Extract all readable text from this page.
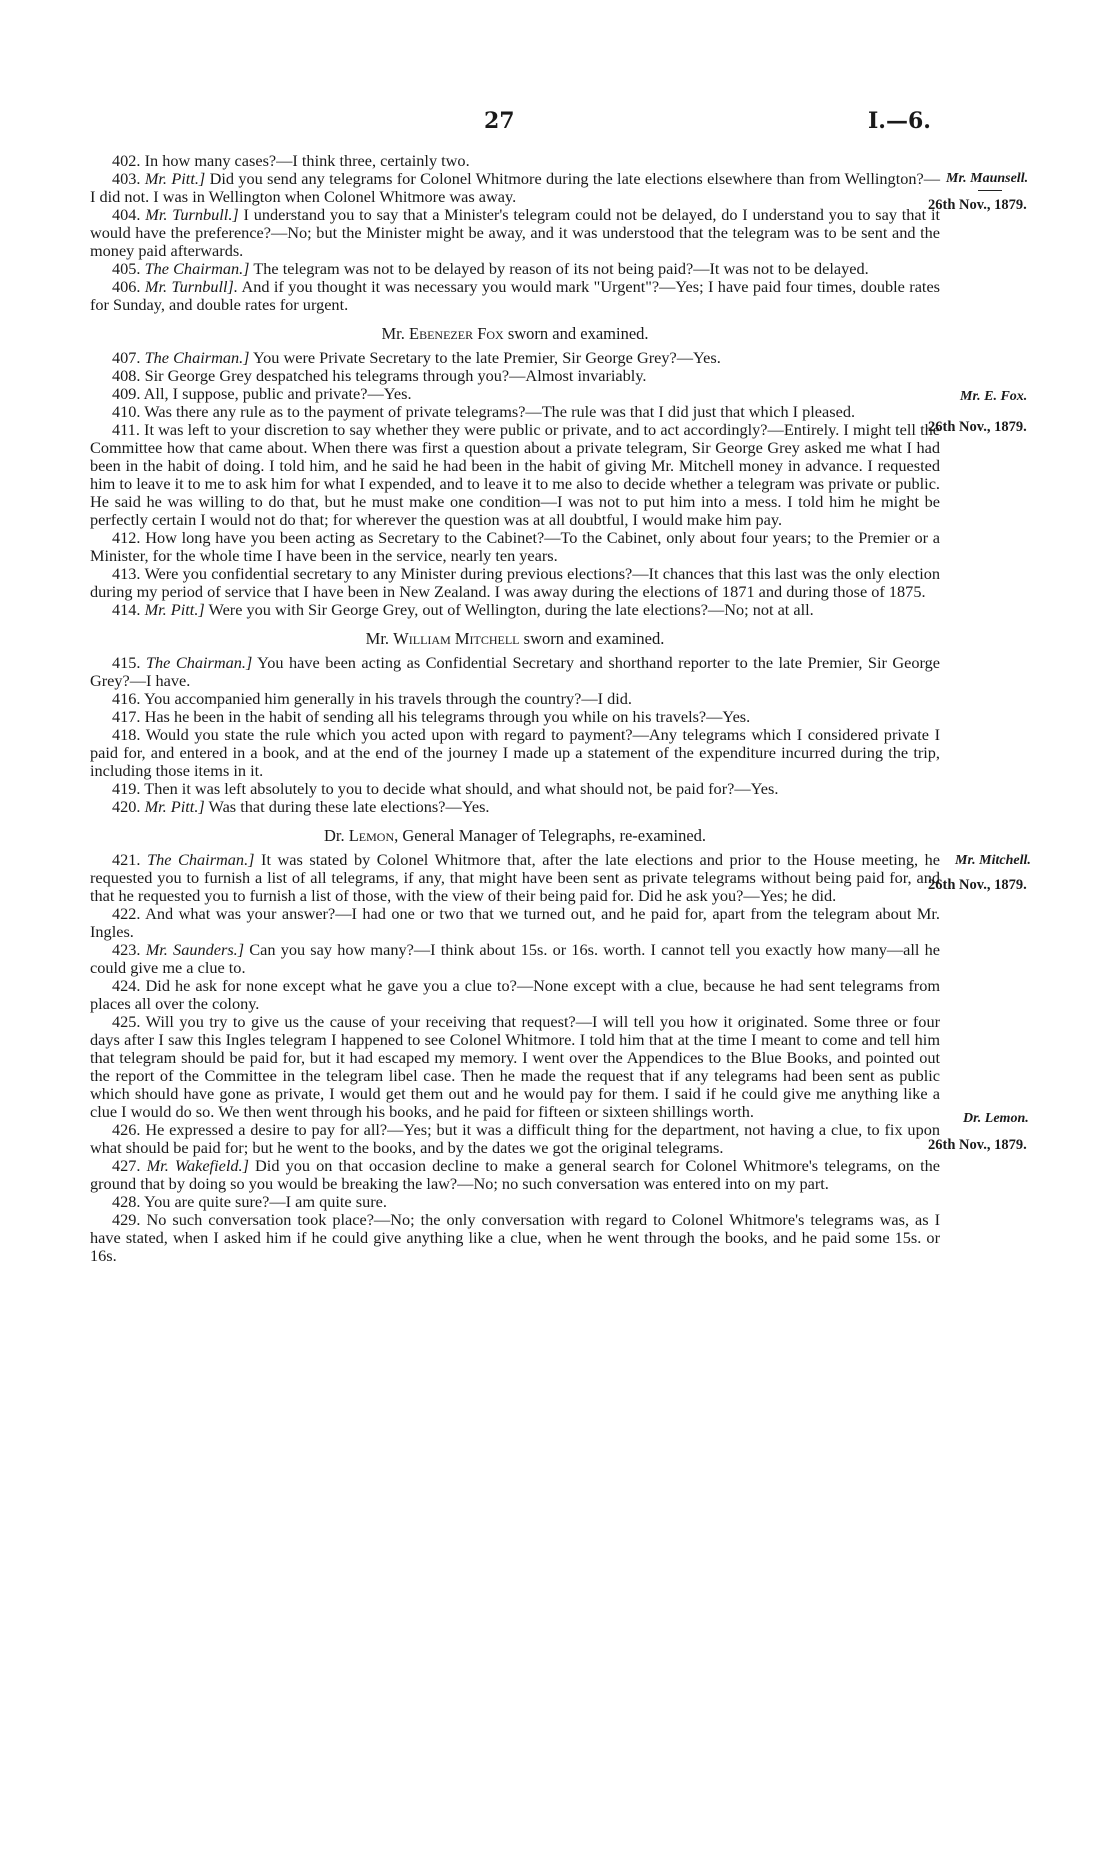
27	I.—6.

402. In how many cases?—I think three, certainly two.

403. Mr. Pitt.] Did you send any telegrams for Colonel Whitmore during the late elections elsewhere than from Wellington?—I did not. I was in Wellington when Colonel Whitmore was away.

404. Mr. Turnbull.] I understand you to say that a Minister's telegram could not be delayed, do I understand you to say that it would have the preference?—No; but the Minister might be away, and it was understood that the telegram was to be sent and the money paid afterwards.

405. The Chairman.] The telegram was not to be delayed by reason of its not being paid?—It was not to be delayed.

406. Mr. Turnbull]. And if you thought it was necessary you would mark "Urgent"?—Yes; I have paid four times, double rates for Sunday, and double rates for urgent.

Mr. Ebenezer Fox sworn and examined.

407. The Chairman.] You were Private Secretary to the late Premier, Sir George Grey?—Yes.

408. Sir George Grey despatched his telegrams through you?—Almost invariably.

409. All, I suppose, public and private?—Yes.

410. Was there any rule as to the payment of private telegrams?—The rule was that I did just that which I pleased.

411. It was left to your discretion to say whether they were public or private, and to act accordingly?—Entirely. I might tell the Committee how that came about. When there was first a question about a private telegram, Sir George Grey asked me what I had been in the habit of doing. I told him, and he said he had been in the habit of giving Mr. Mitchell money in advance. I requested him to leave it to me to ask him for what I expended, and to leave it to me also to decide whether a telegram was private or public. He said he was willing to do that, but he must make one condition—I was not to put him into a mess. I told him he might be perfectly certain I would not do that; for wherever the question was at all doubtful, I would make him pay.

412. How long have you been acting as Secretary to the Cabinet?—To the Cabinet, only about four years; to the Premier or a Minister, for the whole time I have been in the service, nearly ten years.

413. Were you confidential secretary to any Minister during previous elections?—It chances that this last was the only election during my period of service that I have been in New Zealand. I was away during the elections of 1871 and during those of 1875.

414. Mr. Pitt.] Were you with Sir George Grey, out of Wellington, during the late elections?—No; not at all.

Mr. William Mitchell sworn and examined.

415. The Chairman.] You have been acting as Confidential Secretary and shorthand reporter to the late Premier, Sir George Grey?—I have.

416. You accompanied him generally in his travels through the country?—I did.

417. Has he been in the habit of sending all his telegrams through you while on his travels?—Yes.

418. Would you state the rule which you acted upon with regard to payment?—Any telegrams which I considered private I paid for, and entered in a book, and at the end of the journey I made up a statement of the expenditure incurred during the trip, including those items in it.

419. Then it was left absolutely to you to decide what should, and what should not, be paid for?—Yes.

420. Mr. Pitt.] Was that during these late elections?—Yes.

Dr. Lemon, General Manager of Telegraphs, re-examined.

421. The Chairman.] It was stated by Colonel Whitmore that, after the late elections and prior to the House meeting, he requested you to furnish a list of all telegrams, if any, that might have been sent as private telegrams without being paid for, and that he requested you to furnish a list of those, with the view of their being paid for. Did he ask you?—Yes; he did.

422. And what was your answer?—I had one or two that we turned out, and he paid for, apart from the telegram about Mr. Ingles.

423. Mr. Saunders.] Can you say how many?—I think about 15s. or 16s. worth. I cannot tell you exactly how many—all he could give me a clue to.

424. Did he ask for none except what he gave you a clue to?—None except with a clue, because he had sent telegrams from places all over the colony.

425. Will you try to give us the cause of your receiving that request?—I will tell you how it originated. Some three or four days after I saw this Ingles telegram I happened to see Colonel Whitmore. I told him that at the time I meant to come and tell him that telegram should be paid for, but it had escaped my memory. I went over the Appendices to the Blue Books, and pointed out the report of the Committee in the telegram libel case. Then he made the request that if any telegrams had been sent as public which should have gone as private, I would get them out and he would pay for them. I said if he could give me anything like a clue I would do so. We then went through his books, and he paid for fifteen or sixteen shillings worth.

426. He expressed a desire to pay for all?—Yes; but it was a difficult thing for the department, not having a clue, to fix upon what should be paid for; but he went to the books, and by the dates we got the original telegrams.

427. Mr. Wakefield.] Did you on that occasion decline to make a general search for Colonel Whitmore's telegrams, on the ground that by doing so you would be breaking the law?—No; no such conversation was entered into on my part.

428. You are quite sure?—I am quite sure.

429. No such conversation took place?—No; the only conversation with regard to Colonel Whitmore's telegrams was, as I have stated, when I asked him if he could give anything like a clue, when he went through the books, and he paid some 15s. or 16s.

Mr. Maunsell.
26th Nov., 1879.
Mr. E. Fox.
26th Nov., 1879.
Mr. Mitchell.
26th Nov., 1879.
Dr. Lemon.
26th Nov., 1879.
